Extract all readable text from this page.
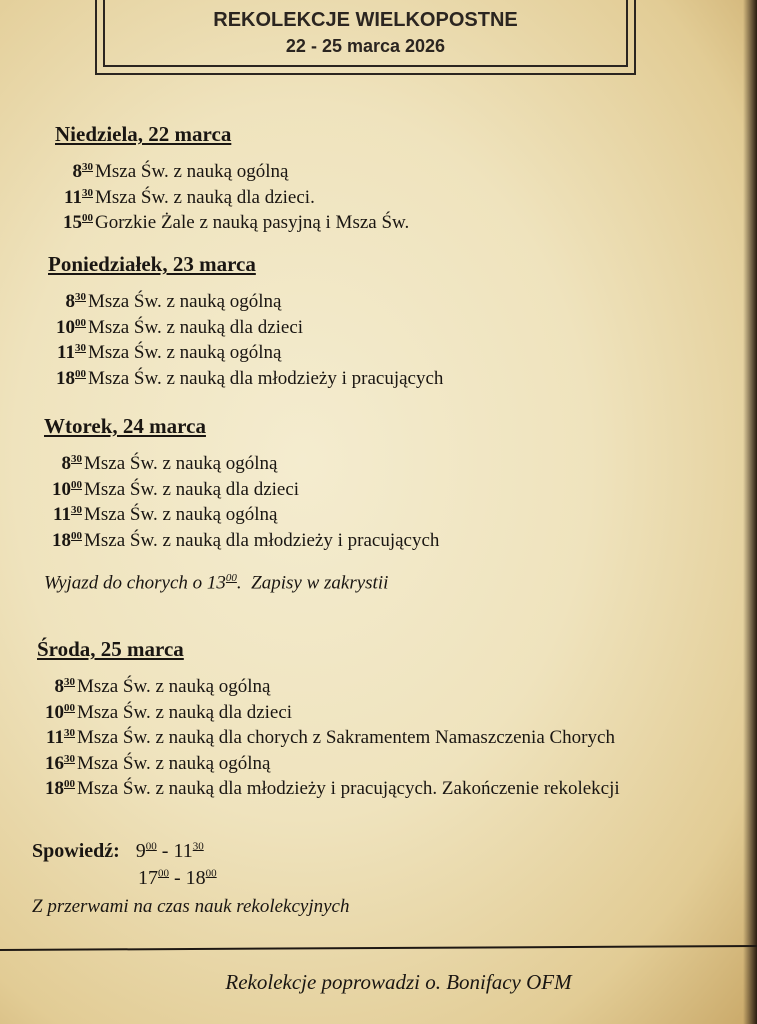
REKOLEKCJE WIELKOPOSTNE
22 - 25 marca 2026
Niedziela, 22 marca
$8^{30}$ Msza Św. z nauką ogólną
$11^{30}$ Msza Św. z nauką dla dzieci.
$15^{00}$ Gorzkie Żale z nauką pasyjną i Msza Św.
Poniedziałek, 23 marca
$8^{30}$ Msza Św. z nauką ogólną
$10^{00}$ Msza Św. z nauką dla dzieci
$11^{30}$ Msza Św. z nauką ogólną
$18^{00}$ Msza Św. z nauką dla młodzieży i pracujących
Wtorek, 24 marca
$8^{30}$ Msza Św. z nauką ogólną
$10^{00}$ Msza Św. z nauką dla dzieci
$11^{30}$ Msza Św. z nauką ogólną
$18^{00}$ Msza Św. z nauką dla młodzieży i pracujących
Wyjazd do chorych o $13^{00}$.  Zapisy w zakrystii
Środa, 25 marca
$8^{30}$ Msza Św. z nauką ogólną
$10^{00}$ Msza Św. z nauką dla dzieci
$11^{30}$ Msza Św. z nauką dla chorych z Sakramentem Namaszczenia Chorych
$16^{30}$ Msza Św. z nauką ogólną
$18^{00}$ Msza Św. z nauką dla młodzieży i pracujących. Zakończenie rekolekcji
Spowiedź: $9^{00} - 11^{30}$
$17^{00} - 18^{00}$
Z przerwami na czas nauk rekolekcyjnych
Rekolekcje poprowadzi o. Bonifacy OFM
